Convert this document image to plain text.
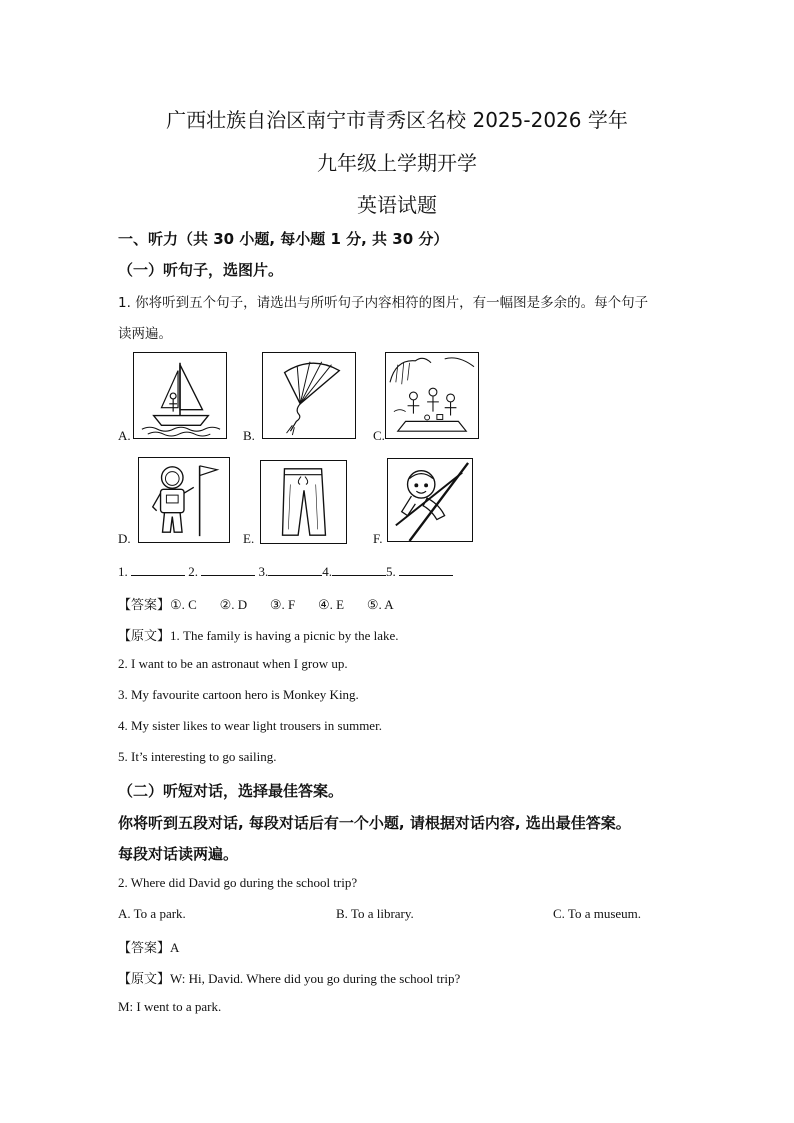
广西壮族自治区南宁市青秀区名校 2025-2026 学年
九年级上学期开学
英语试题
一、听力（共 30 小题, 每小题 1 分, 共 30 分）
（一）听句子，选图片。
1. 你将听到五个句子，请选出与所听句子内容相符的图片，有一幅图是多余的。每个句子
读两遍。
A.	B.	C.
D.	E.	F.
1.	2.	3.	4.	5.
【答案】①. C       ②. D       ③. F       ④. E       ⑤. A
【原文】1. The family is having a picnic by the lake.
2. I want to be an astronaut when I grow up.
3. My favourite cartoon hero is Monkey King.
4. My sister likes to wear light trousers in summer.
5. It’s interesting to go sailing.
（二）听短对话，选择最佳答案。
你将听到五段对话, 每段对话后有一个小题, 请根据对话内容, 选出最佳答案。
每段对话读两遍。
2. Where did David go during the school trip?
A. To a park.	B. To a library.	C. To a museum.
【答案】A
【原文】W: Hi, David. Where did you go during the school trip?
M: I went to a park.
